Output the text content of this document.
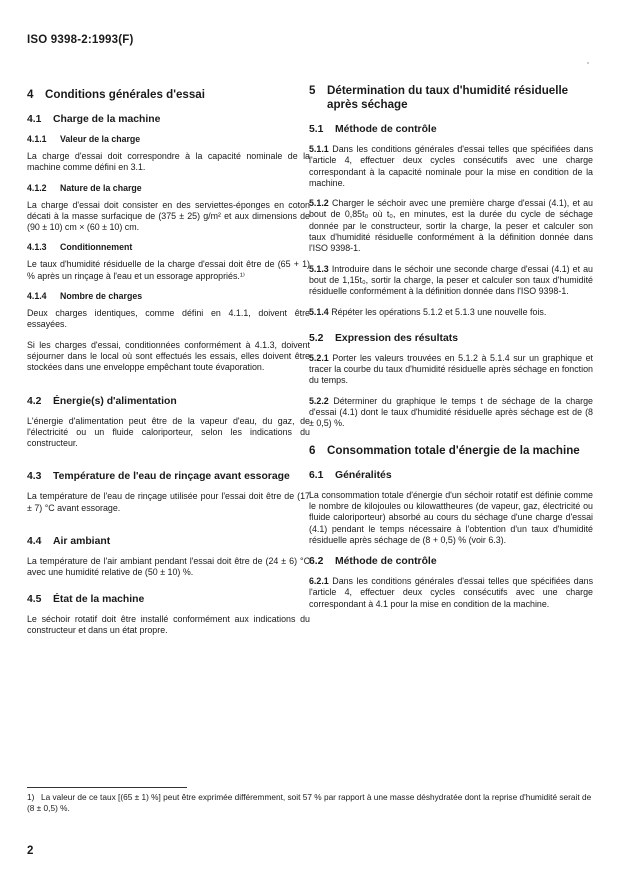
ISO 9398-2:1993(F)
4 Conditions générales d'essai
4.1	Charge de la machine
4.1.1	Valeur de la charge

La charge d'essai doit correspondre à la capacité nominale de la machine comme défini en 3.1.

4.1.2	Nature de la charge

La charge d'essai doit consister en des serviettes-éponges en coton décati à la masse surfacique de (375 ± 25) g/m² et aux dimensions de (90 ± 10) cm × (60 ± 10) cm.

4.1.3	Conditionnement

Le taux d'humidité résiduelle de la charge d'essai doit être de (65 + 1) % après un rinçage à l'eau et un essorage appropriés.¹⁾

4.1.4	Nombre de charges

Deux charges identiques, comme défini en 4.1.1, doivent être essayées.

Si les charges d'essai, conditionnées conformément à 4.1.3, doivent séjourner dans le local où sont effectués les essais, elles doivent être stockées dans une enveloppe empêchant toute évaporation.

4.2	Énergie(s) d'alimentation

L'énergie d'alimentation peut être de la vapeur d'eau, du gaz, de l'électricité ou un fluide caloriporteur, selon les indications du constructeur.

4.3	Température de l'eau de rinçage avant essorage

La température de l'eau de rinçage utilisée pour l'essai doit être de (17 ± 7) °C avant essorage.

4.4	Air ambiant

La température de l'air ambiant pendant l'essai doit être de (24 ± 6) °C avec une humidité relative de (50 ± 10) %.

4.5	État de la machine

Le séchoir rotatif doit être installé conformément aux indications du constructeur et dans un état propre.

5 Détermination du taux d'humidité résiduelle après séchage
5.1	Méthode de contrôle

5.1.1 Dans les conditions générales d'essai telles que spécifiées dans l'article 4, effectuer deux cycles consécutifs avec une charge correspondant à la capacité nominale pour la mise en condition de la machine.

5.1.2 Charger le séchoir avec une première charge d'essai (4.1), et au bout de 0,85t₀ où t₀, en minutes, est la durée du cycle de séchage donnée par le constructeur, sortir la charge, la peser et calculer son taux d'humidité résiduelle conformément à la définition donnée dans l'ISO 9398-1.

5.1.3 Introduire dans le séchoir une seconde charge d'essai (4.1) et au bout de 1,15t₀, sortir la charge, la peser et calculer son taux d'humidité résiduelle conformément à la définition donnée dans l'ISO 9398-1.

5.1.4 Répéter les opérations 5.1.2 et 5.1.3 une nouvelle fois.

5.2	Expression des résultats

5.2.1 Porter les valeurs trouvées en 5.1.2 à 5.1.4 sur un graphique et tracer la courbe du taux d'humidité résiduelle après séchage en fonction du temps.

5.2.2 Déterminer du graphique le temps t de séchage de la charge d'essai (4.1) dont le taux d'humidité résiduelle après séchage est de (8 ± 0,5) %.

6 Consommation totale d'énergie de la machine
6.1	Généralités

La consommation totale d'énergie d'un séchoir rotatif est définie comme le nombre de kilojoules ou kilowattheures (de vapeur, gaz, électricité ou fluide caloriporteur) absorbé au cours du séchage d'une charge d'essai (4.1) pendant le temps nécessaire à l'obtention d'un taux d'humidité résiduelle après séchage de (8 + 0,5) % (voir 6.3).

6.2	Méthode de contrôle

6.2.1 Dans les conditions générales d'essai telles que spécifiées dans l'article 4, effectuer deux cycles consécutifs avec une charge correspondant à 4.1 pour la mise en condition de la machine.

1) La valeur de ce taux [(65 ± 1) %] peut être exprimée différemment, soit 57 % par rapport à une masse déshydratée dont la reprise d'humidité serait de (8 ± 0,5) %.
2
